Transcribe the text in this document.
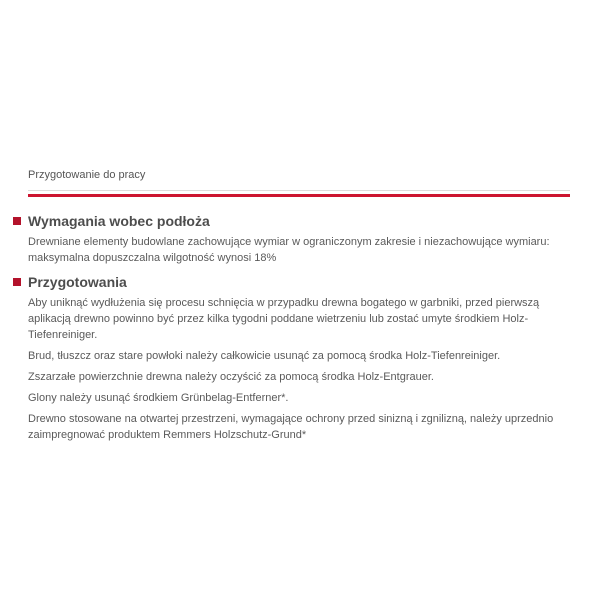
Przygotowanie do pracy
Wymagania wobec podłoża

Drewniane elementy budowlane zachowujące wymiar w ograniczonym zakresie i niezachowujące wymiaru: maksymalna dopuszczalna wilgotność wynosi 18%

Przygotowania

Aby uniknąć wydłużenia się procesu schnięcia w przypadku drewna bogatego w garbniki, przed pierwszą aplikacją drewno powinno być przez kilka tygodni poddane wietrzeniu lub zostać umyte środkiem Holz-Tiefenreiniger.

Brud, tłuszcz oraz stare powłoki należy całkowicie usunąć za pomocą środka Holz-Tiefenreiniger.

Zszarzałe powierzchnie drewna należy oczyścić za pomocą środka Holz-Entgrauer.

Glony należy usunąć środkiem Grünbelag-Entferner*.

Drewno stosowane na otwartej przestrzeni, wymagające ochrony przed sinizną i zgnilizną, należy uprzednio zaimpregnować produktem Remmers Holzschutz-Grund*
